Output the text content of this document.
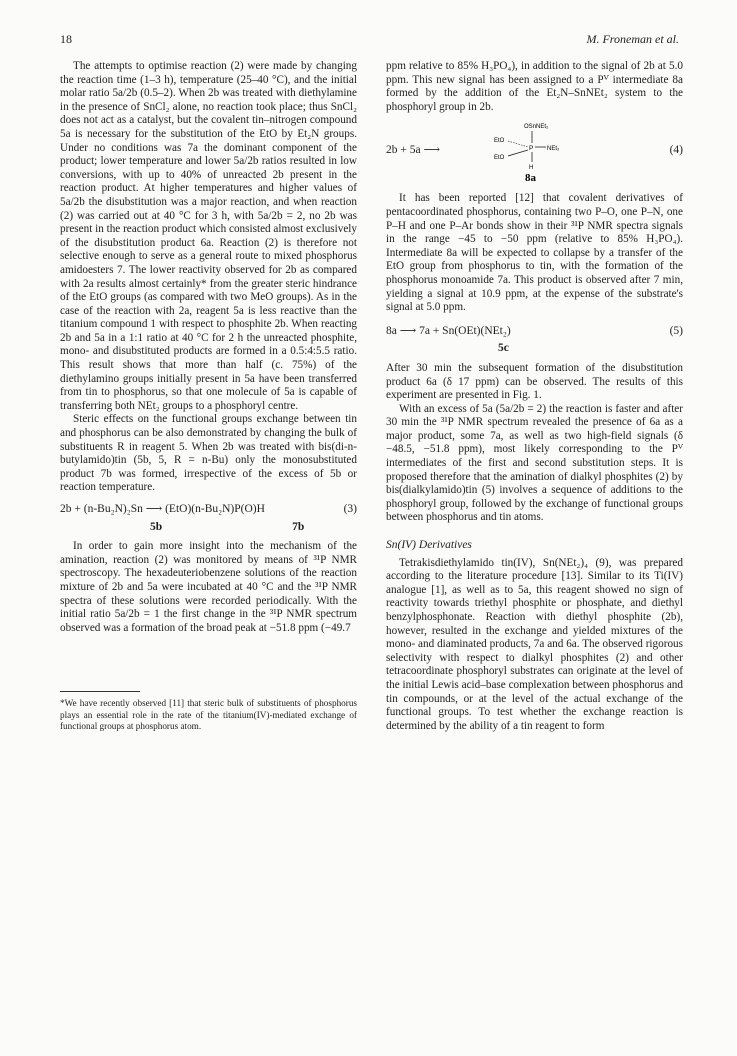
18	M. Froneman et al.

The attempts to optimise reaction (2) were made by changing the reaction time (1–3 h), temperature (25–40 °C), and the initial molar ratio 5a/2b (0.5–2). When 2b was treated with diethylamine in the presence of SnCl₂ alone, no reaction took place; thus SnCl₂ does not act as a catalyst, but the covalent tin–nitrogen compound 5a is necessary for the substitution of the EtO by Et₂N groups. Under no conditions was 7a the dominant component of the product; lower temperature and lower 5a/2b ratios resulted in low conversions, with up to 40% of unreacted 2b present in the reaction product. At higher temperatures and higher values of 5a/2b the disubstitution was a major reaction, and when reaction (2) was carried out at 40 °C for 3 h, with 5a/2b = 2, no 2b was present in the reaction product which consisted almost exclusively of the disubstitution product 6a. Reaction (2) is therefore not selective enough to serve as a general route to mixed phosphorus amidoesters 7. The lower reactivity observed for 2b as compared with 2a results almost certainly* from the greater steric hindrance of the EtO groups (as compared with two MeO groups). As in the case of the reaction with 2a, reagent 5a is less reactive than the titanium compound 1 with respect to phosphite 2b. When reacting 2b and 5a in a 1:1 ratio at 40 °C for 2 h the unreacted phosphite, mono- and disubstituted products are formed in a 0.5:4:5.5 ratio. This result shows that more than half (c. 75%) of the diethylamino groups initially present in 5a have been transferred from tin to phosphorus, so that one molecule of 5a is capable of transferring both NEt₂ groups to a phosphoryl centre.

Steric effects on the functional groups exchange between tin and phosphorus can be also demonstrated by changing the bulk of substituents R in reagent 5. When 2b was treated with bis(di-n-butylamido)tin (5b, 5, R = n-Bu) only the monosubstituted product 7b was formed, irrespective of the excess of 5b or reaction temperature.

2b + (n-Bu₂N)₂Sn ⟶ (EtO)(n-Bu₂N)P(O)H	(3)
5b	7b

In order to gain more insight into the mechanism of the amination, reaction (2) was monitored by means of ³¹P NMR spectroscopy. The hexadeuteriobenzene solutions of the reaction mixture of 2b and 5a were incubated at 40 °C and the ³¹P NMR spectra of these solutions were recorded periodically. With the initial ratio 5a/2b = 1 the first change in the ³¹P NMR spectrum observed was a formation of the broad peak at −51.8 ppm (−49.7

*We have recently observed [11] that steric bulk of substituents of phosphorus plays an essential role in the rate of the titanium(IV)-mediated exchange of functional groups at phosphorus atom.

ppm relative to 85% H₃PO₄), in addition to the signal of 2b at 5.0 ppm. This new signal has been assigned to a Pⱽ intermediate 8a formed by the addition of the Et₂N–SnNEt₂ system to the phosphoryl group in 2b.

2b + 5a ⟶
OSnNEt₂
EtO
P NEt₂
EtO
H
8a
(4)

It has been reported [12] that covalent derivatives of pentacoordinated phosphorus, containing two P–O, one P–N, one P–H and one P–Ar bonds show in their ³¹P NMR spectra signals in the range −45 to −50 ppm (relative to 85% H₃PO₄). Intermediate 8a will be expected to collapse by a transfer of the EtO group from phosphorus to tin, with the formation of the phosphorus monoamide 7a. This product is observed after 7 min, yielding a signal at 10.9 ppm, at the expense of the substrate's signal at 5.0 ppm.

8a ⟶ 7a + Sn(OEt)(NEt₂)	(5)
5c

After 30 min the subsequent formation of the disubstitution product 6a (δ 17 ppm) can be observed. The results of this experiment are presented in Fig. 1.

With an excess of 5a (5a/2b = 2) the reaction is faster and after 30 min the ³¹P NMR spectrum revealed the presence of 6a as a major product, some 7a, as well as two high-field signals (δ −48.5, −51.8 ppm), most likely corresponding to the Pⱽ intermediates of the first and second substitution steps. It is proposed therefore that the amination of dialkyl phosphites (2) by bis(dialkylamido)tin (5) involves a sequence of additions to the phosphoryl group, followed by the exchange of functional groups between phosphorus and tin atoms.

Sn(IV) Derivatives

Tetrakisdiethylamido tin(IV), Sn(NEt₂)₄ (9), was prepared according to the literature procedure [13]. Similar to its Ti(IV) analogue [1], as well as to 5a, this reagent showed no sign of reactivity towards triethyl phosphite or phosphate, and diethyl benzylphosphonate. Reaction with diethyl phosphite (2b), however, resulted in the exchange and yielded mixtures of the mono- and diaminated products, 7a and 6a. The observed rigorous selectivity with respect to dialkyl phosphites (2) and other tetracoordinate phosphoryl substrates can originate at the level of the initial Lewis acid–base complexation between phosphorus and tin compounds, or at the level of the actual exchange of the functional groups. To test whether the exchange reaction is determined by the ability of a tin reagent to form
